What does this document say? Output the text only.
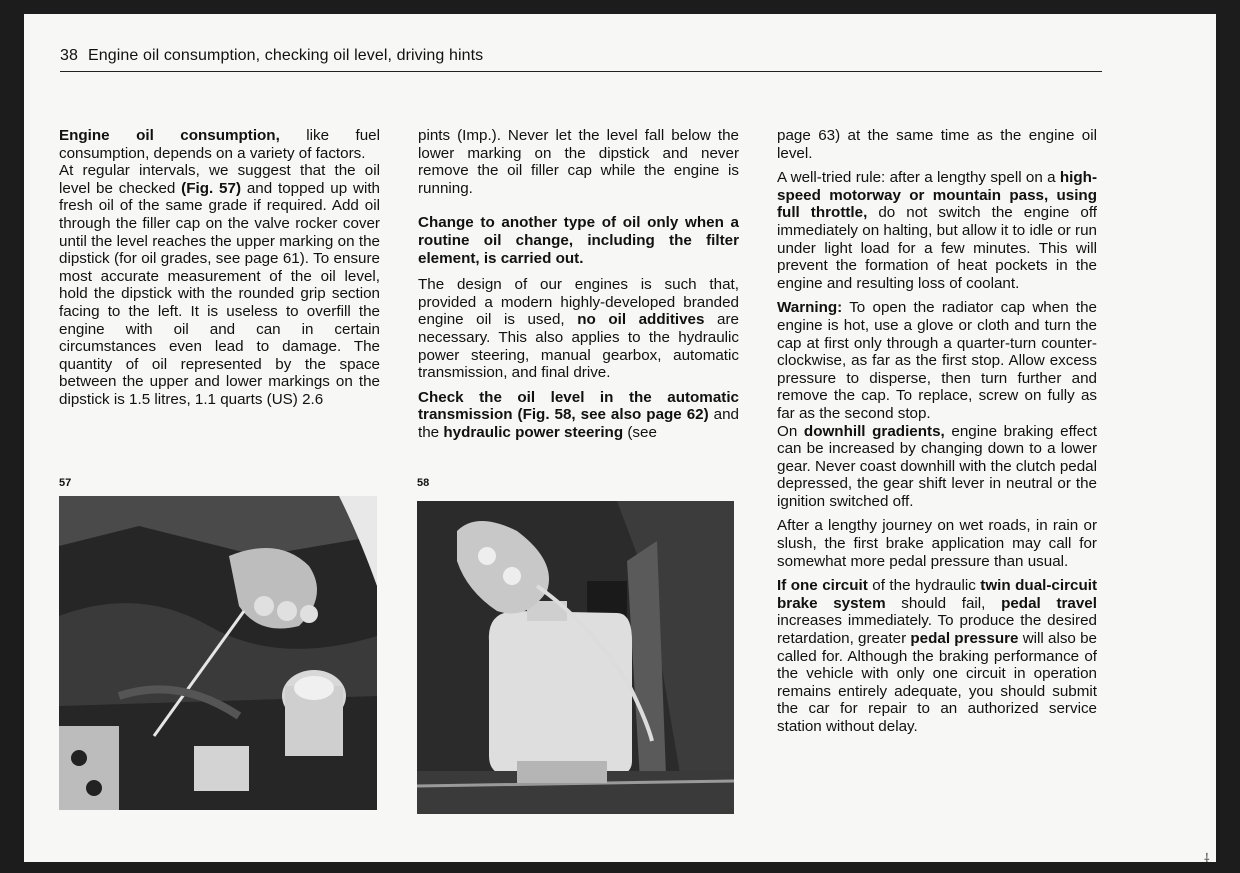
38 Engine oil consumption, checking oil level, driving hints

Engine oil consumption, like fuel consumption, depends on a variety of factors.

At regular intervals, we suggest that the oil level be checked (Fig. 57) and topped up with fresh oil of the same grade if required. Add oil through the filler cap on the valve rocker cover until the level reaches the upper marking on the dipstick (for oil grades, see page 61). To ensure most accurate measurement of the oil level, hold the dipstick with the rounded grip section facing to the left. It is useless to overfill the engine with oil and can in certain circumstances even lead to damage. The quantity of oil represented by the space between the upper and lower markings on the dipstick is 1.5 litres, 1.1 quarts (US) 2.6

57

pints (Imp.). Never let the level fall below the lower marking on the dipstick and never remove the oil filler cap while the engine is running.

Change to another type of oil only when a routine oil change, including the filter element, is carried out.

The design of our engines is such that, provided a modern highly-developed branded engine oil is used, no oil additives are necessary. This also applies to the hydraulic power steering, manual gearbox, automatic transmission, and final drive.

Check the oil level in the automatic transmission (Fig. 58, see also page 62) and the hydraulic power steering (see

58

page 63) at the same time as the engine oil level.

A well-tried rule: after a lengthy spell on a high-speed motorway or mountain pass, using full throttle, do not switch the engine off immediately on halting, but allow it to idle or run under light load for a few minutes. This will prevent the formation of heat pockets in the engine and resulting loss of coolant.

Warning: To open the radiator cap when the engine is hot, use a glove or cloth and turn the cap at first only through a quarter-turn counter-clockwise, as far as the first stop. Allow excess pressure to disperse, then turn further and remove the cap. To replace, screw on fully as far as the second stop.

On downhill gradients, engine braking effect can be increased by changing down to a lower gear. Never coast downhill with the clutch pedal depressed, the gear shift lever in neutral or the ignition switched off.

After a lengthy journey on wet roads, in rain or slush, the first brake application may call for somewhat more pedal pressure than usual.

If one circuit of the hydraulic twin dual-circuit brake system should fail, pedal travel increases immediately. To produce the desired retardation, greater pedal pressure will also be called for. Although the braking performance of the vehicle with only one circuit in operation remains entirely adequate, you should submit the car for repair to an authorized service station without delay.

⸸
